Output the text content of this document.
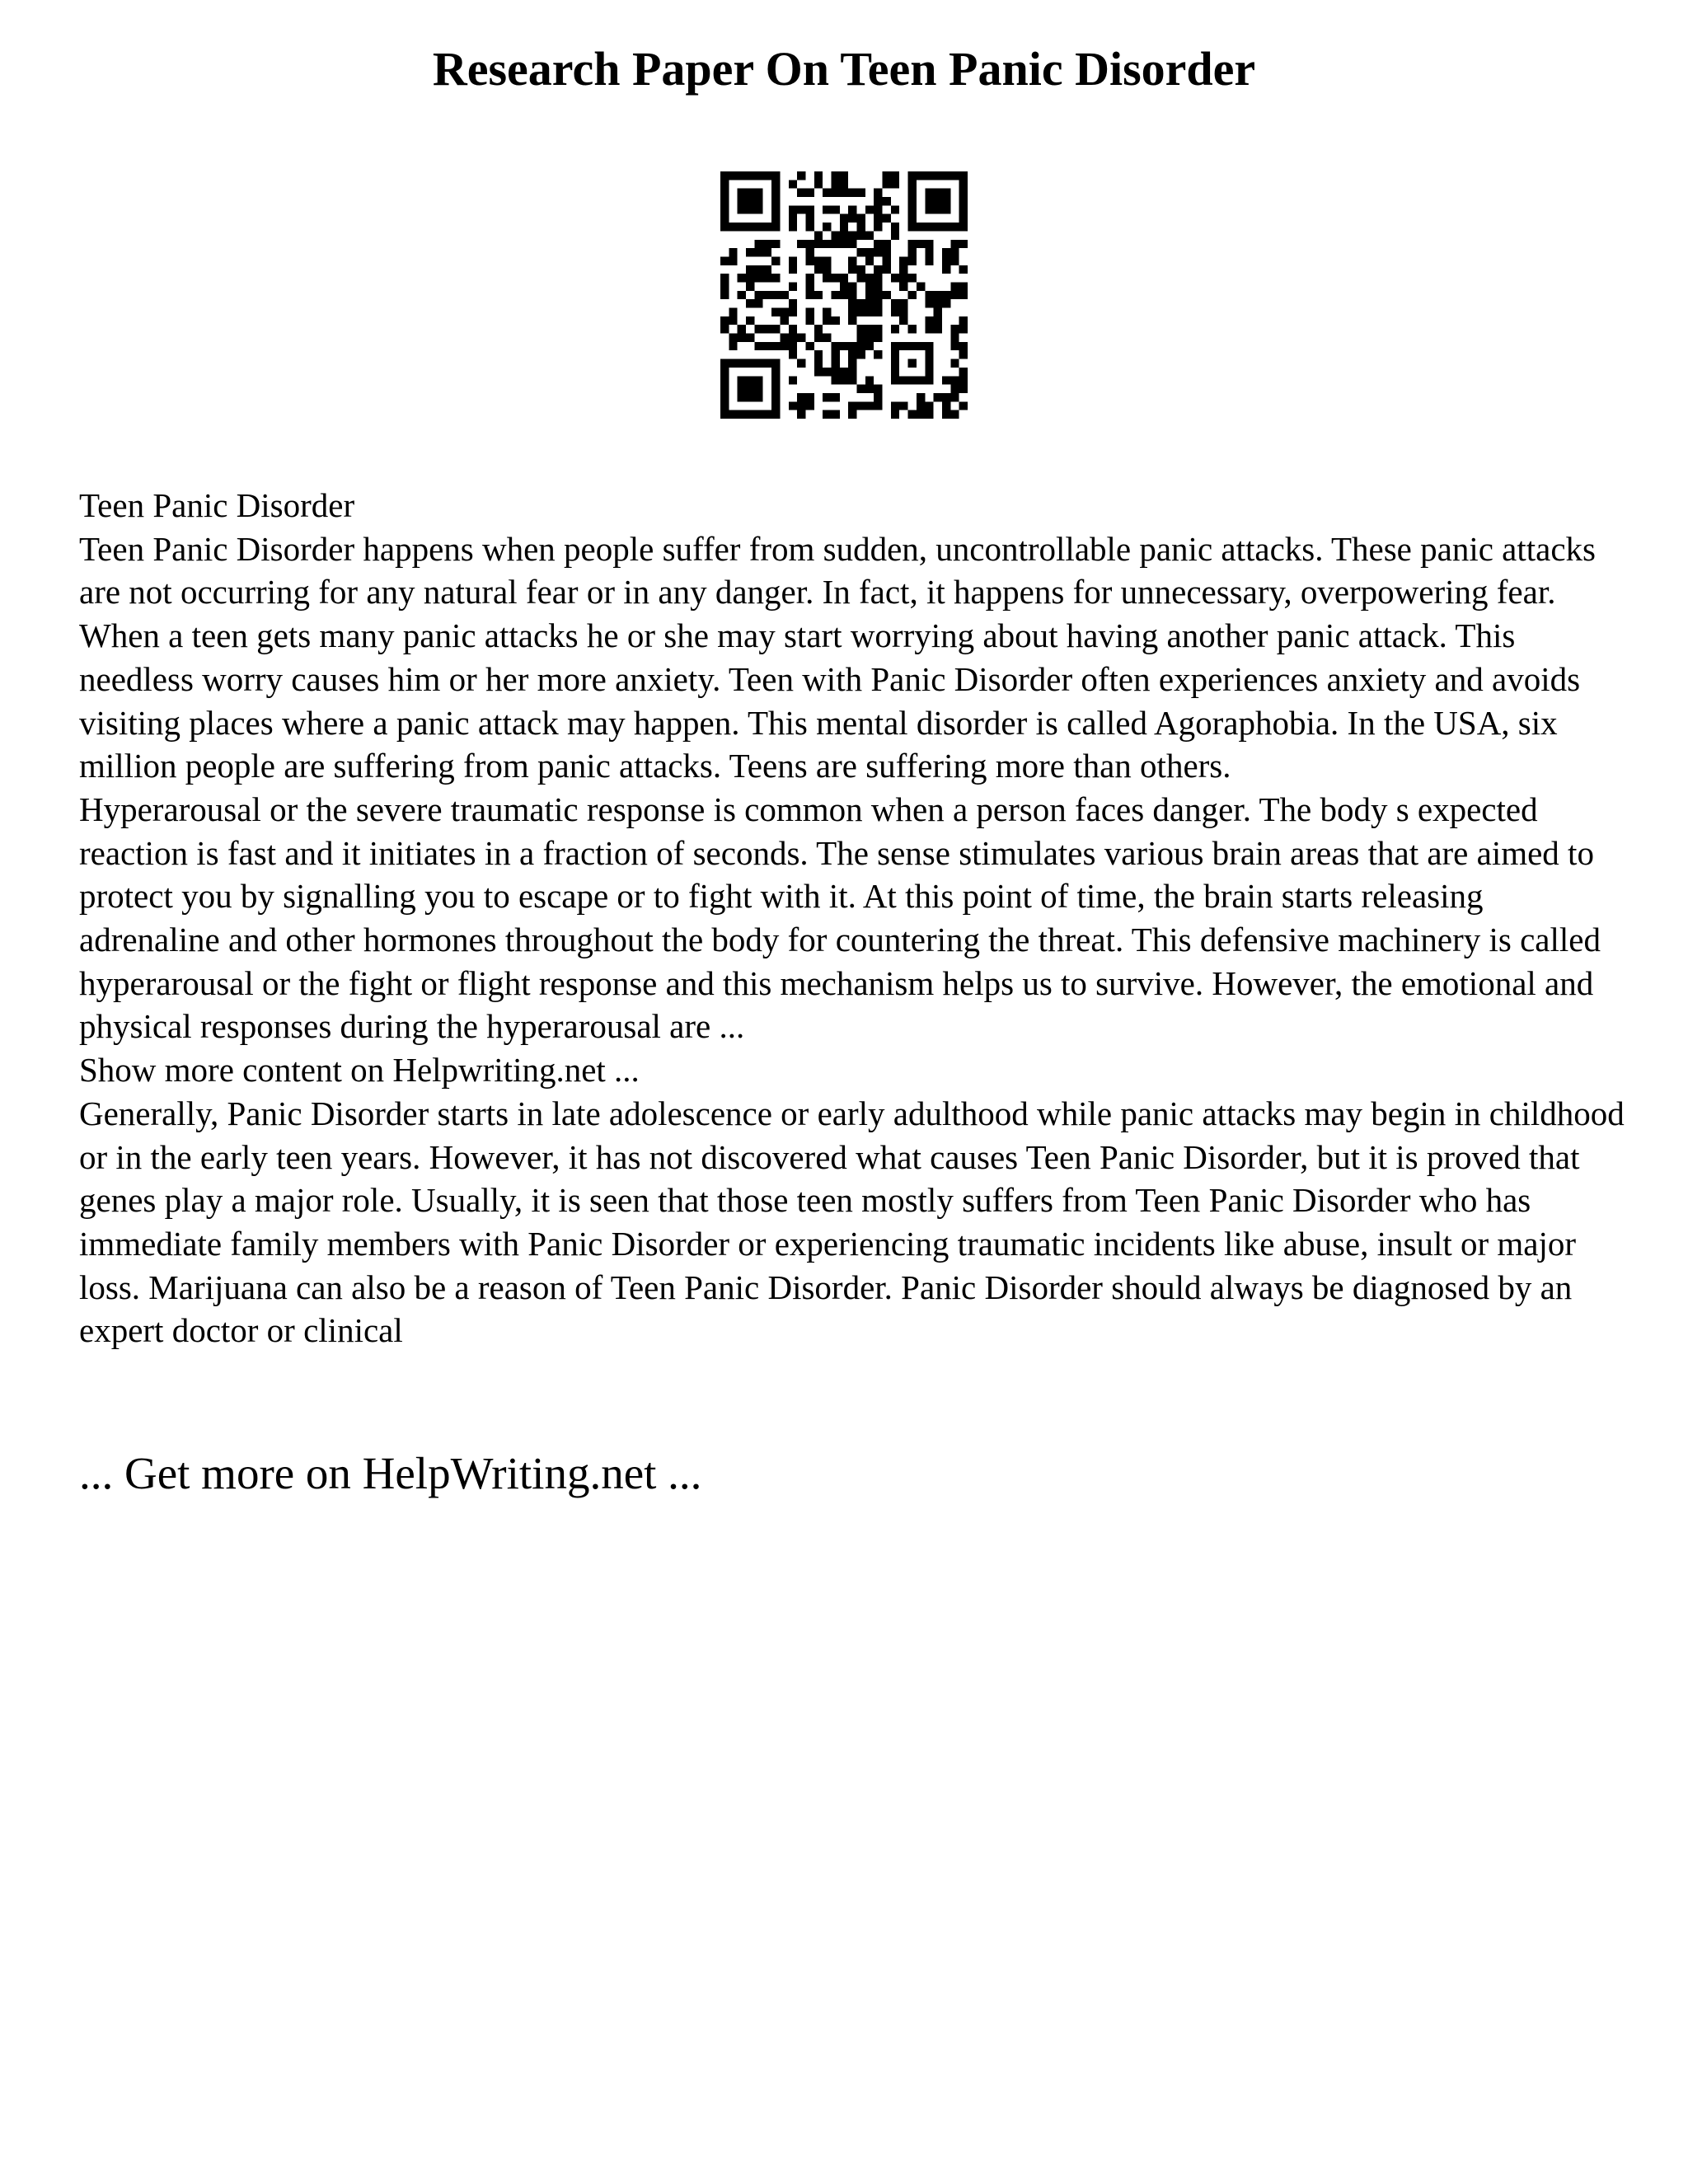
Research Paper On Teen Panic Disorder

Teen Panic Disorder

Teen Panic Disorder happens when people suffer from sudden, uncontrollable panic attacks. These panic attacks are not occurring for any natural fear or in any danger. In fact, it happens for unnecessary, overpowering fear. When a teen gets many panic attacks he or she may start worrying about having another panic attack. This needless worry causes him or her more anxiety. Teen with Panic Disorder often experiences anxiety and avoids visiting places where a panic attack may happen. This mental disorder is called Agoraphobia. In the USA, six million people are suffering from panic attacks. Teens are suffering more than others.

Hyperarousal or the severe traumatic response is common when a person faces danger. The body s expected reaction is fast and it initiates in a fraction of seconds. The sense stimulates various brain areas that are aimed to protect you by signalling you to escape or to fight with it. At this point of time, the brain starts releasing adrenaline and other hormones throughout the body for countering the threat. This defensive machinery is called hyperarousal or the fight or flight response and this mechanism helps us to survive. However, the emotional and physical responses during the hyperarousal are ...

Show more content on Helpwriting.net ...

Generally, Panic Disorder starts in late adolescence or early adulthood while panic attacks may begin in childhood or in the early teen years. However, it has not discovered what causes Teen Panic Disorder, but it is proved that genes play a major role. Usually, it is seen that those teen mostly suffers from Teen Panic Disorder who has immediate family members with Panic Disorder or experiencing traumatic incidents like abuse, insult or major loss. Marijuana can also be a reason of Teen Panic Disorder. Panic Disorder should always be diagnosed by an expert doctor or clinical

... Get more on HelpWriting.net ...
